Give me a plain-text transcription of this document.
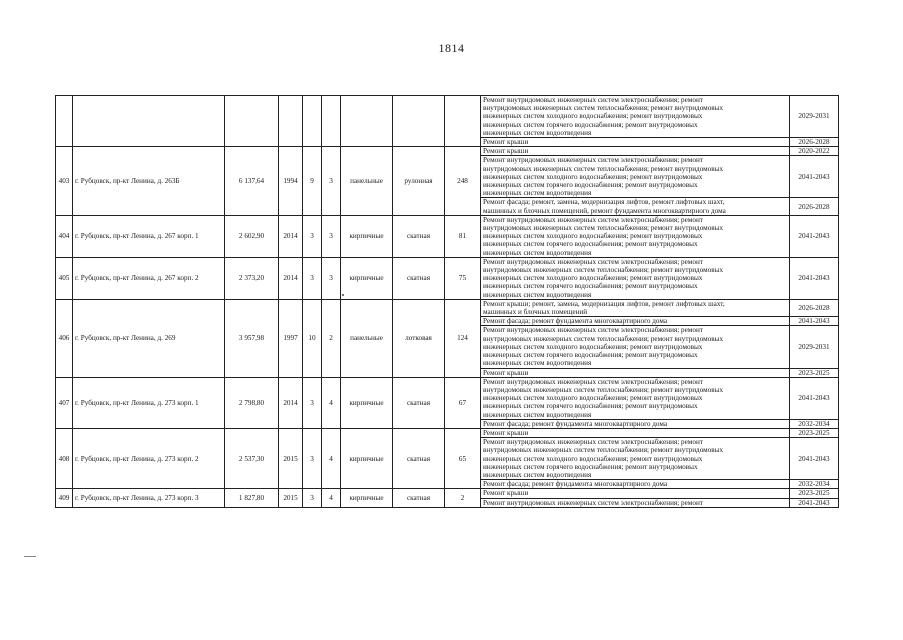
1814

									Ремонт внутридомовых инженерных систем электроснабжения; ремонт
внутридомовых инженерных систем теплоснабжения; ремонт внутридомовых
инженерных систем холодного водоснабжения; ремонт внутридомовых
инженерных систем горячего водоснабжения; ремонт внутридомовых
инженерных систем водоотведения	2029-2031
									Ремонт крыши	2026-2028
403	г. Рубцовск, пр-кт Ленина, д. 263Б	6 137,64	1994	9	3	панельные	рулонная	248	Ремонт крыши	2020-2022

									Ремонт внутридомовых инженерных систем электроснабжения; ремонт
внутридомовых инженерных систем теплоснабжения; ремонт внутридомовых
инженерных систем холодного водоснабжения; ремонт внутридомовых
инженерных систем горячего водоснабжения; ремонт внутридомовых
инженерных систем водоотведения	2041-2043

									Ремонт фасада; ремонт, замена, модернизация лифтов, ремонт лифтовых шахт,
машинных и блочных помещений, ремонт фундамента многоквартирного дома	2026-2028
404	г. Рубцовск, пр-кт Ленина, д. 267 корп. 1	2 602,90	2014	3	3	кирпичные	скатная	81	Ремонт внутридомовых инженерных систем электроснабжения; ремонт
внутридомовых инженерных систем теплоснабжения; ремонт внутридомовых
инженерных систем холодного водоснабжения; ремонт внутридомовых
инженерных систем горячего водоснабжения; ремонт внутридомовых
инженерных систем водоотведения	2041-2043
405	г. Рубцовск, пр-кт Ленина, д. 267 корп. 2	2 373,20	2014	3	3	кирпичные	скатная	75	Ремонт внутридомовых инженерных систем электроснабжения; ремонт
внутридомовых инженерных систем теплоснабжения; ремонт внутридомовых
инженерных систем холодного водоснабжения; ремонт внутридомовых
инженерных систем горячего водоснабжения; ремонт внутридомовых
инженерных систем водоотведения	2041-2043
406	г. Рубцовск, пр-кт Ленина, д. 269	3 957,98	1997	10	2	панельные	лотковая	124	Ремонт крыши; ремонт, замена, модернизация лифтов, ремонт лифтовых шахт,
машинных и блочных помещений	2026-2028
									Ремонт фасада; ремонт фундамента многоквартирного дома	2041-2043

									Ремонт внутридомовых инженерных систем электроснабжения; ремонт
внутридомовых инженерных систем теплоснабжения; ремонт внутридомовых
инженерных систем холодного водоснабжения; ремонт внутридомовых
инженерных систем горячего водоснабжения; ремонт внутридомовых
инженерных систем водоотведения	2029-2031
									Ремонт крыши	2023-2025
407	г. Рубцовск, пр-кт Ленина, д. 273 корп. 1	2 798,80	2014	3	4	кирпичные	скатная	67	Ремонт внутридомовых инженерных систем электроснабжения; ремонт
внутридомовых инженерных систем теплоснабжения; ремонт внутридомовых
инженерных систем холодного водоснабжения; ремонт внутридомовых
инженерных систем горячего водоснабжения; ремонт внутридомовых
инженерных систем водоотведения	2041-2043
									Ремонт фасада; ремонт фундамента многоквартирного дома	2032-2034
408	г. Рубцовск, пр-кт Ленина, д. 273 корп. 2	2 537,30	2015	3	4	кирпичные	скатная	65	Ремонт крыши	2023-2025

									Ремонт внутридомовых инженерных систем электроснабжения; ремонт
внутридомовых инженерных систем теплоснабжения; ремонт внутридомовых
инженерных систем холодного водоснабжения; ремонт внутридомовых
инженерных систем горячего водоснабжения; ремонт внутридомовых
инженерных систем водоотведения	2041-2043
									Ремонт фасада; ремонт фундамента многоквартирного дома	2032-2034
409	г. Рубцовск, пр-кт Ленина, д. 273 корп. 3	1 827,80	2015	3	4	кирпичные	скатная	2	Ремонт крыши	2023-2025
									Ремонт внутридомовых инженерных систем электроснабжения; ремонт	2041-2043
